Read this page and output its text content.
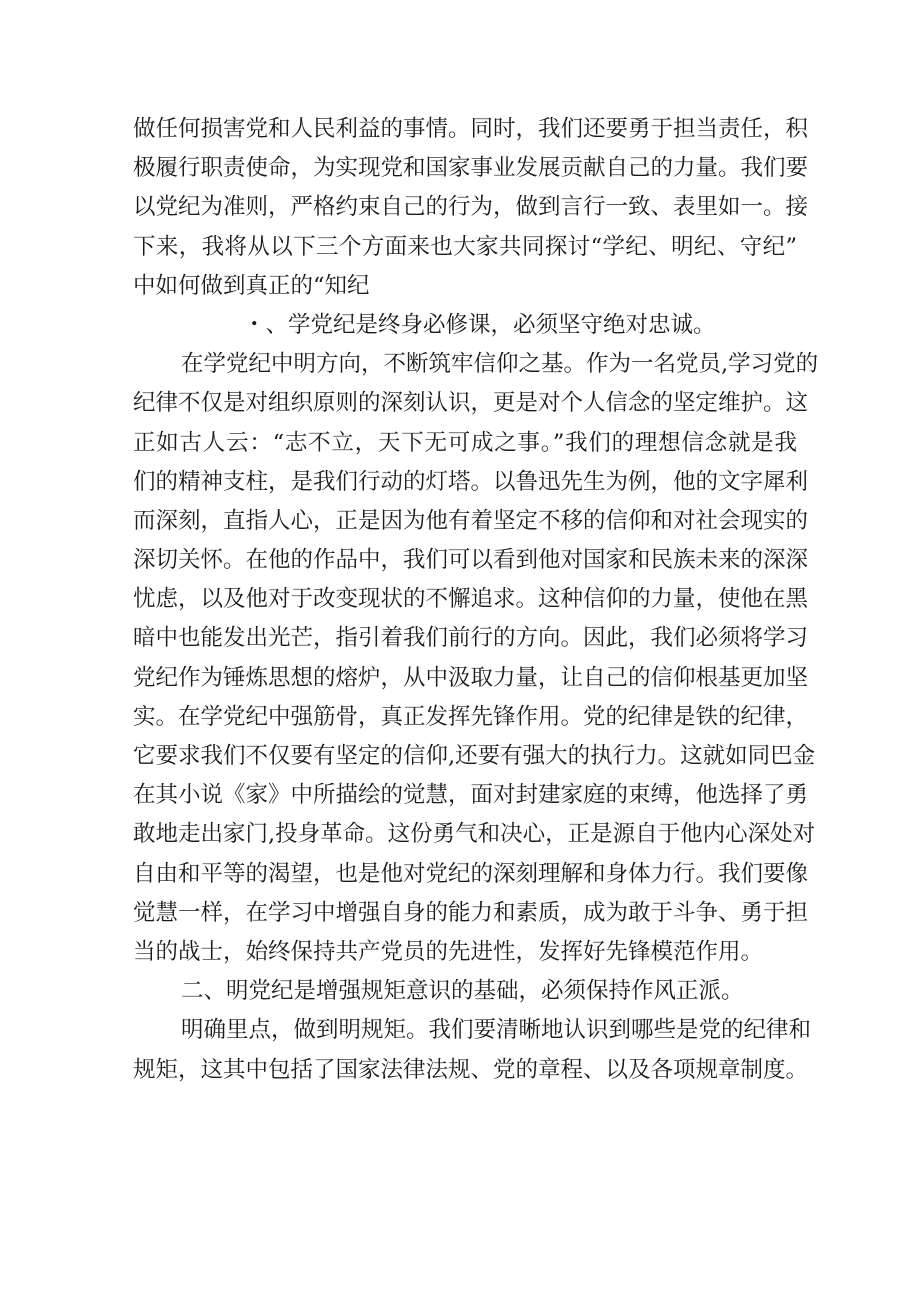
做任何损害党和人民利益的事情。同时，我们还要勇于担当责任，积
极履行职责使命，为实现党和国家事业发展贡献自己的力量。我们要
以党纪为准则，严格约束自己的行为，做到言行一致、表里如一。接
下来，我将从以下三个方面来也大家共同探讨“学纪、明纪、守纪”
中如何做到真正的“知纪
・、学党纪是终身必修课，必须坚守绝对忠诚。
在学党纪中明方向，不断筑牢信仰之基。作为一名党员,学习党的
纪律不仅是对组织原则的深刻认识，更是对个人信念的坚定维护。这
正如古人云：“志不立，天下无可成之事。”我们的理想信念就是我
们的精神支柱，是我们行动的灯塔。以鲁迅先生为例，他的文字犀利
而深刻，直指人心，正是因为他有着坚定不移的信仰和对社会现实的
深切关怀。在他的作品中，我们可以看到他对国家和民族未来的深深
忧虑，以及他对于改变现状的不懈追求。这种信仰的力量，使他在黑
暗中也能发出光芒，指引着我们前行的方向。因此，我们必须将学习
党纪作为锤炼思想的熔炉，从中汲取力量，让自己的信仰根基更加坚
实。在学党纪中强筋骨，真正发挥先锋作用。党的纪律是铁的纪律，
它要求我们不仅要有坚定的信仰,还要有强大的执行力。这就如同巴金
在其小说《家》中所描绘的觉慧，面对封建家庭的束缚，他选择了勇
敢地走出家门,投身革命。这份勇气和决心，正是源自于他内心深处对
自由和平等的渴望，也是他对党纪的深刻理解和身体力行。我们要像
觉慧一样，在学习中增强自身的能力和素质，成为敢于斗争、勇于担
当的战士，始终保持共产党员的先进性，发挥好先锋模范作用。
二、明党纪是增强规矩意识的基础，必须保持作风正派。
明确里点，做到明规矩。我们要清晰地认识到哪些是党的纪律和
规矩，这其中包括了国家法律法规、党的章程、以及各项规章制度。
